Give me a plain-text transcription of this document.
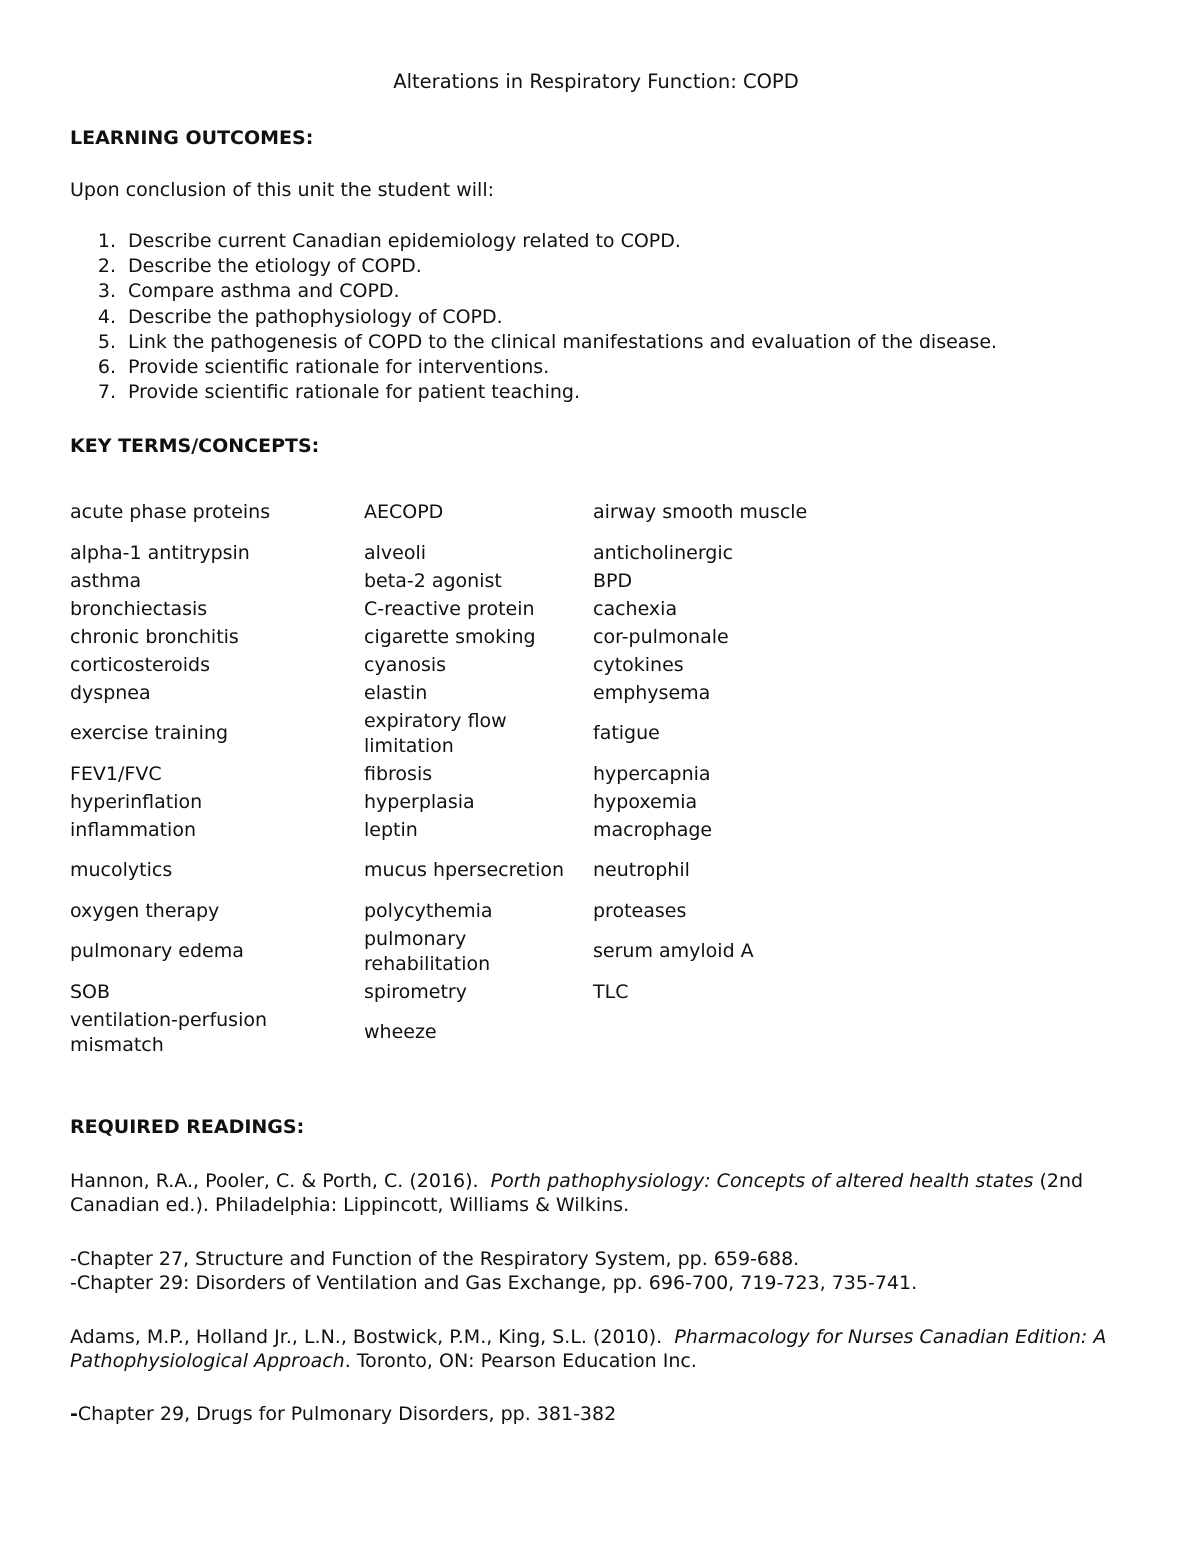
Alterations in Respiratory Function: COPD
LEARNING OUTCOMES:
Upon conclusion of this unit the student will:
1. Describe current Canadian epidemiology related to COPD.
2. Describe the etiology of COPD.
3. Compare asthma and COPD.
4. Describe the pathophysiology of COPD.
5. Link the pathogenesis of COPD to the clinical manifestations and evaluation of the disease.
6. Provide scientific rationale for interventions.
7. Provide scientific rationale for patient teaching.
KEY TERMS/CONCEPTS:
acute phase proteins	AECOPD	airway smooth muscle
alpha-1 antitrypsin	alveoli	anticholinergic
asthma	beta-2 agonist	BPD
bronchiectasis	C-reactive protein	cachexia
chronic bronchitis	cigarette smoking	cor-pulmonale
corticosteroids	cyanosis	cytokines
dyspnea	elastin	emphysema
exercise training	expiratory flow limitation	fatigue
FEV1/FVC	fibrosis	hypercapnia
hyperinflation	hyperplasia	hypoxemia
inflammation	leptin	macrophage
mucolytics	mucus hpersecretion	neutrophil
oxygen therapy	polycythemia	proteases
pulmonary edema	pulmonary rehabilitation	serum amyloid A
SOB	spirometry	TLC
ventilation-perfusion mismatch	wheeze	
REQUIRED READINGS:
Hannon, R.A., Pooler, C. & Porth, C. (2016). Porth pathophysiology: Concepts of altered health states (2nd Canadian ed.). Philadelphia: Lippincott, Williams & Wilkins.
-Chapter 27, Structure and Function of the Respiratory System, pp. 659-688.
-Chapter 29: Disorders of Ventilation and Gas Exchange, pp. 696-700, 719-723, 735-741.
Adams, M.P., Holland Jr., L.N., Bostwick, P.M., King, S.L. (2010). Pharmacology for Nurses Canadian Edition: A Pathophysiological Approach. Toronto, ON: Pearson Education Inc.
-Chapter 29, Drugs for Pulmonary Disorders, pp. 381-382
